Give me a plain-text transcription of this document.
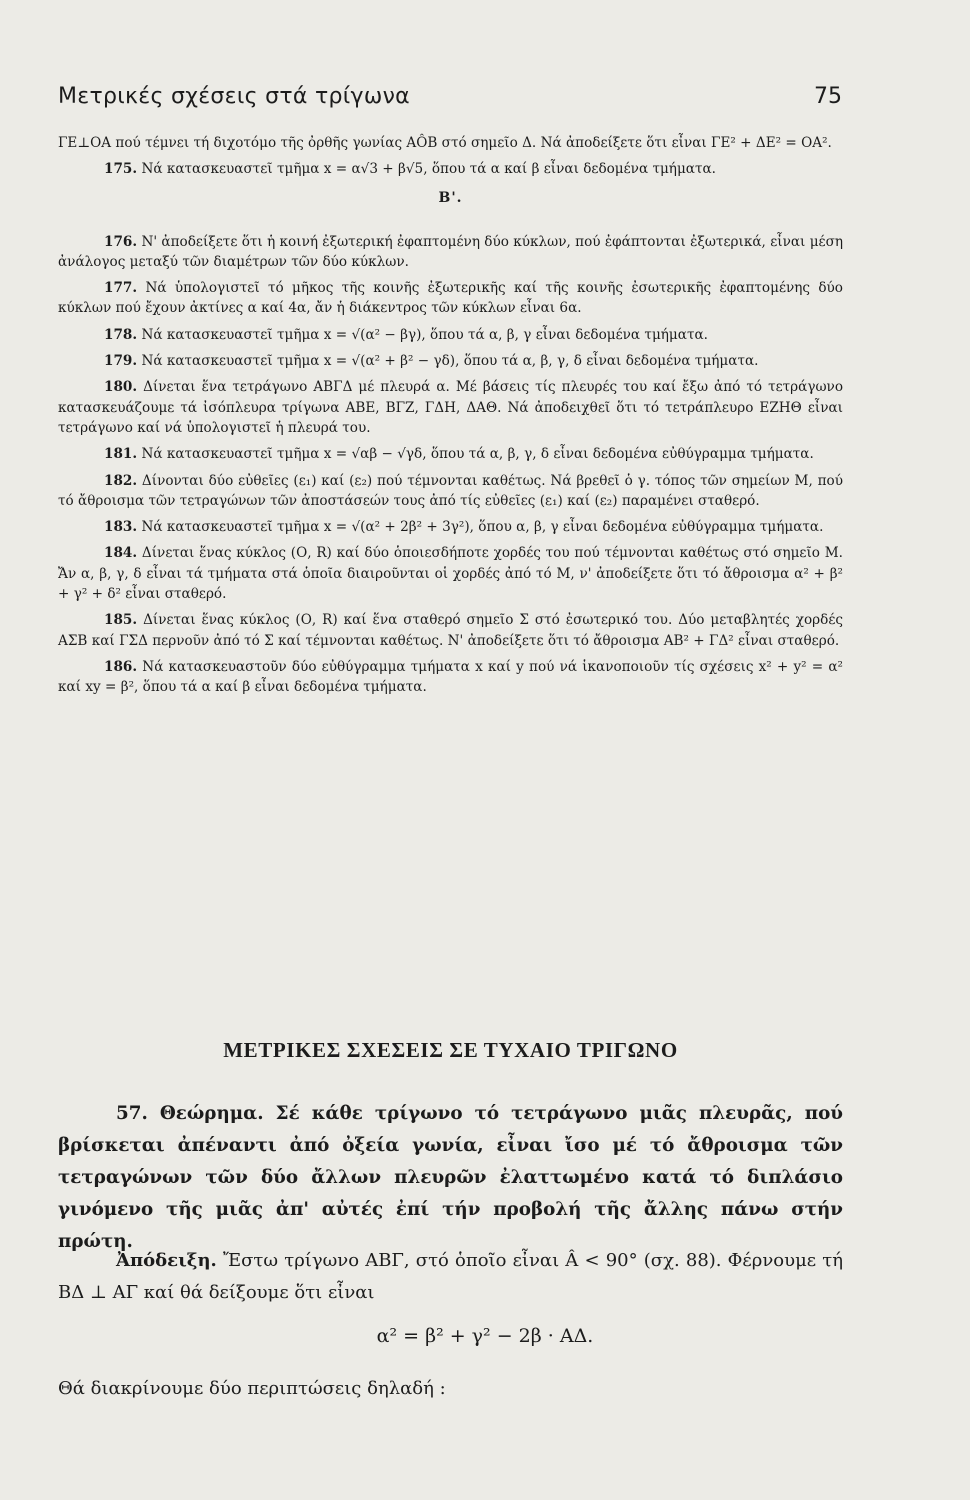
Μετρικές σχέσεις στά τρίγωνα	75

ΓΕ⊥ΟΑ πού τέμνει τή διχοτόμο τῆς ὀρθῆς γωνίας ΑÔΒ στό σημεῖο Δ. Νά ἀποδείξετε ὅτι εἶναι ΓΕ² + ΔΕ² = ΟΑ².

175. Νά κατασκευαστεῖ τμῆμα x = α√3 + β√5, ὅπου τά α καί β εἶναι δεδομένα τμήματα.

Β'.

176. Ν' ἀποδείξετε ὅτι ἡ κοινή ἐξωτερική ἐφαπτομένη δύο κύκλων, πού ἐφάπτονται ἐξωτερικά, εἶναι μέση ἀνάλογος μεταξύ τῶν διαμέτρων τῶν δύο κύκλων.

177. Νά ὑπολογιστεῖ τό μῆκος τῆς κοινῆς ἐξωτερικῆς καί τῆς κοινῆς ἐσωτερικῆς ἐφαπτομένης δύο κύκλων πού ἔχουν ἀκτίνες α καί 4α, ἄν ἡ διάκεντρος τῶν κύκλων εἶναι 6α.

178. Νά κατασκευαστεῖ τμῆμα x = √(α² − βγ), ὅπου τά α, β, γ εἶναι δεδομένα τμήματα.

179. Νά κατασκευαστεῖ τμῆμα x = √(α² + β² − γδ), ὅπου τά α, β, γ, δ εἶναι δεδομένα τμήματα.

180. Δίνεται ἕνα τετράγωνο ΑΒΓΔ μέ πλευρά α. Μέ βάσεις τίς πλευρές του καί ἔξω ἀπό τό τετράγωνο κατασκευάζουμε τά ἰσόπλευρα τρίγωνα ΑΒΕ, ΒΓΖ, ΓΔΗ, ΔΑΘ. Νά ἀποδειχθεῖ ὅτι τό τετράπλευρο ΕΖΗΘ εἶναι τετράγωνο καί νά ὑπολογιστεῖ ἡ πλευρά του.

181. Νά κατασκευαστεῖ τμῆμα x = √αβ − √γδ, ὅπου τά α, β, γ, δ εἶναι δεδομένα εὐθύγραμμα τμήματα.

182. Δίνονται δύο εὐθεῖες (ε₁) καί (ε₂) πού τέμνονται καθέτως. Νά βρεθεῖ ὁ γ. τόπος τῶν σημείων Μ, πού τό ἄθροισμα τῶν τετραγώνων τῶν ἀποστάσεών τους ἀπό τίς εὐθεῖες (ε₁) καί (ε₂) παραμένει σταθερό.

183. Νά κατασκευαστεῖ τμῆμα x = √(α² + 2β² + 3γ²), ὅπου α, β, γ εἶναι δεδομένα εὐθύγραμμα τμήματα.

184. Δίνεται ἕνας κύκλος (Ο, R) καί δύο ὁποιεσδήποτε χορδές του πού τέμνονται καθέτως στό σημεῖο Μ. Ἄν α, β, γ, δ εἶναι τά τμήματα στά ὁποῖα διαιροῦνται οἱ χορδές ἀπό τό Μ, ν' ἀποδείξετε ὅτι τό ἄθροισμα α² + β² + γ² + δ² εἶναι σταθερό.

185. Δίνεται ἕνας κύκλος (Ο, R) καί ἕνα σταθερό σημεῖο Σ στό ἐσωτερικό του. Δύο μεταβλητές χορδές ΑΣΒ καί ΓΣΔ περνοῦν ἀπό τό Σ καί τέμνονται καθέτως. Ν' ἀποδείξετε ὅτι τό ἄθροισμα ΑΒ² + ΓΔ² εἶναι σταθερό.

186. Νά κατασκευαστοῦν δύο εὐθύγραμμα τμήματα x καί y πού νά ἱκανοποιοῦν τίς σχέσεις x² + y² = α² καί xy = β², ὅπου τά α καί β εἶναι δεδομένα τμήματα.

ΜΕΤΡΙΚΕΣ ΣΧΕΣΕΙΣ ΣΕ ΤΥΧΑΙΟ ΤΡΙΓΩΝΟ
57. Θεώρημα. Σέ κάθε τρίγωνο τό τετράγωνο μιᾶς πλευρᾶς, πού βρίσκεται ἀπέναντι ἀπό ὀξεία γωνία, εἶναι ἴσο μέ τό ἄθροισμα τῶν τετραγώνων τῶν δύο ἄλλων πλευρῶν ἐλαττωμένο κατά τό διπλάσιο γινόμενο τῆς μιᾶς ἀπ' αὐτές ἐπί τήν προβολή τῆς ἄλλης πάνω στήν πρώτη.
Ἀπόδειξη. Ἔστω τρίγωνο ΑΒΓ, στό ὁποῖο εἶναι Â < 90° (σχ. 88). Φέρνουμε τή ΒΔ ⊥ ΑΓ καί θά δείξουμε ὅτι εἶναι
α² = β² + γ² − 2β · ΑΔ.
Θά διακρίνουμε δύο περιπτώσεις δηλαδή :
